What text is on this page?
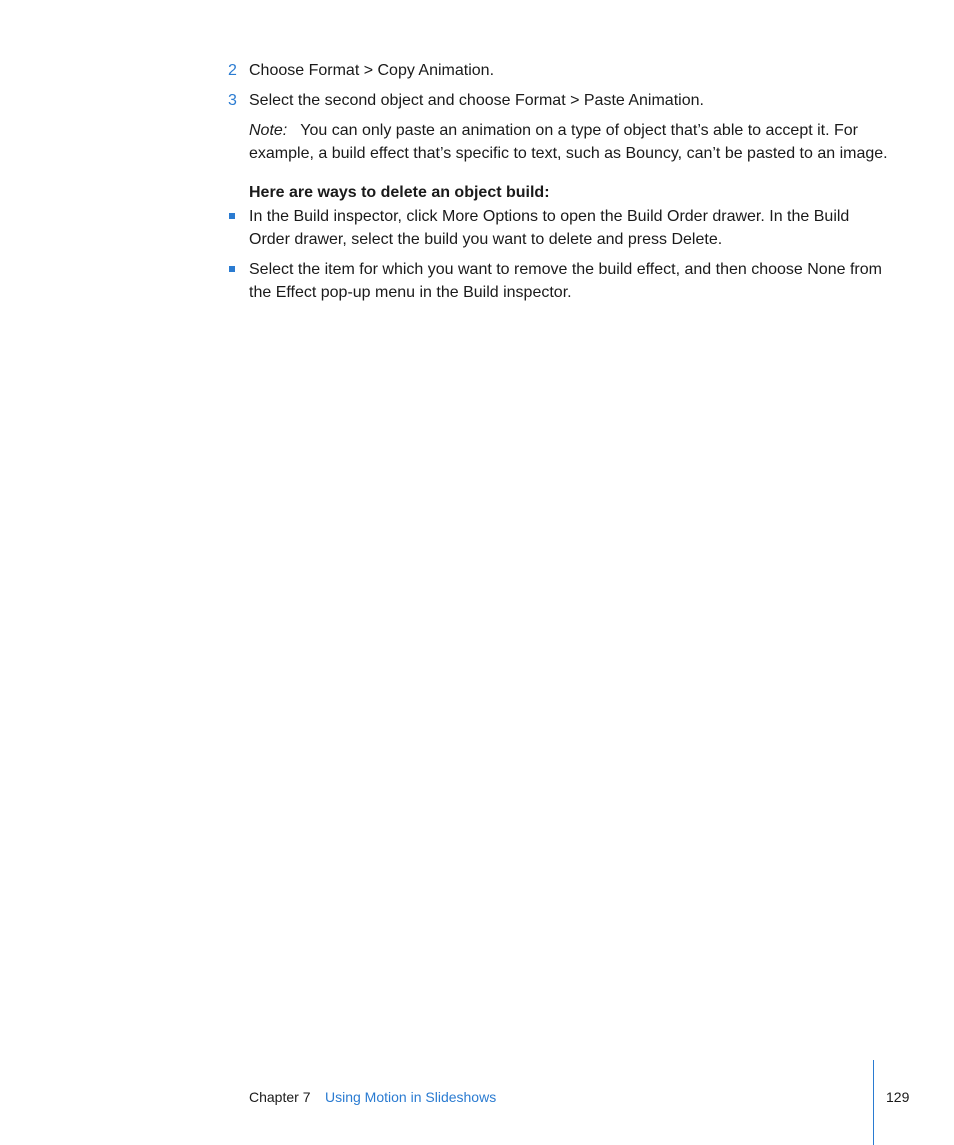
2 Choose Format > Copy Animation.
3 Select the second object and choose Format > Paste Animation.
Note: You can only paste an animation on a type of object that’s able to accept it. For example, a build effect that’s specific to text, such as Bouncy, can’t be pasted to an image.
Here are ways to delete an object build:
In the Build inspector, click More Options to open the Build Order drawer. In the Build Order drawer, select the build you want to delete and press Delete.
Select the item for which you want to remove the build effect, and then choose None from the Effect pop-up menu in the Build inspector.
Chapter 7 Using Motion in Slideshows	129
